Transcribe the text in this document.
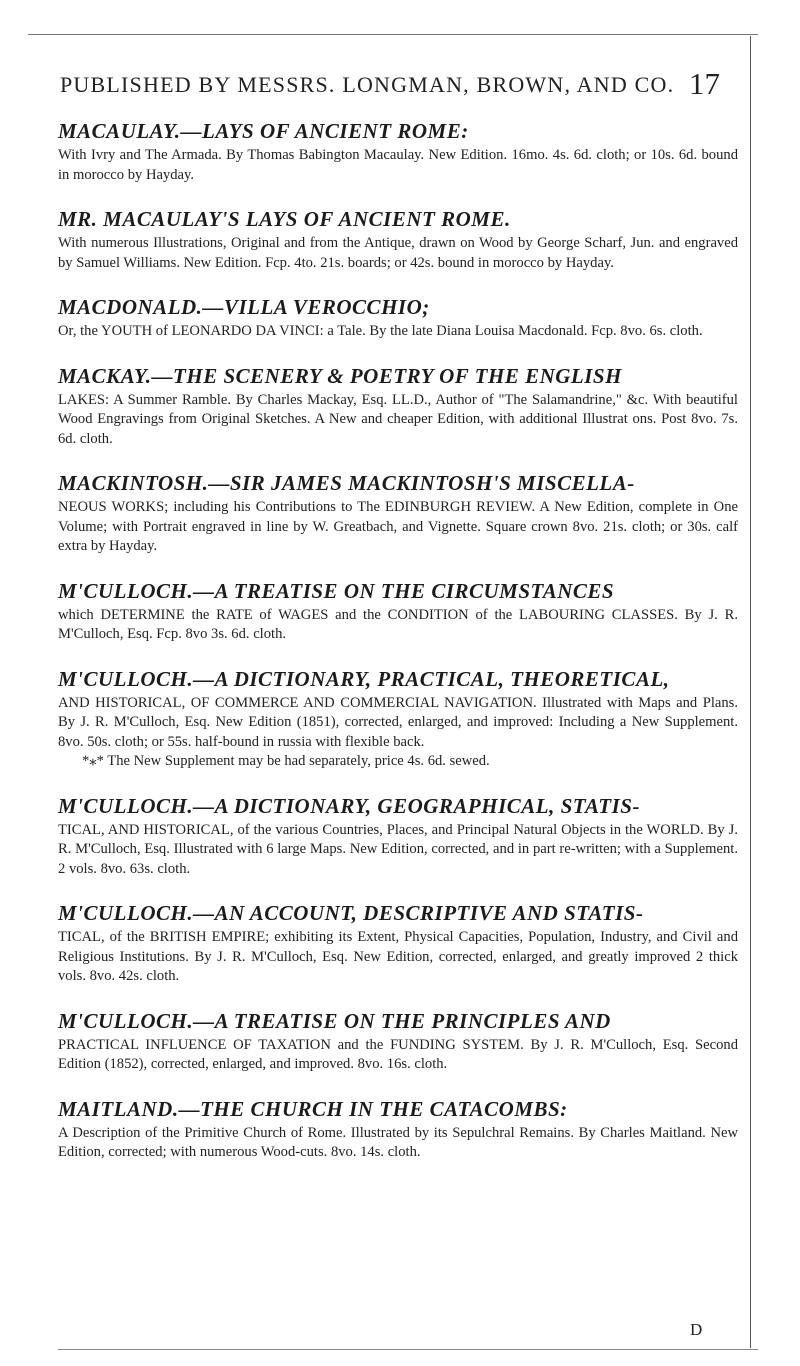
PUBLISHED BY MESSRS. LONGMAN, BROWN, AND CO. 17
MACAULAY.—LAYS OF ANCIENT ROME:
With Ivry and The Armada. By Thomas Babington Macaulay. New Edition. 16mo. 4s. 6d. cloth; or 10s. 6d. bound in morocco by Hayday.
MR. MACAULAY'S LAYS OF ANCIENT ROME.
With numerous Illustrations, Original and from the Antique, drawn on Wood by George Scharf, Jun. and engraved by Samuel Williams. New Edition. Fcp. 4to. 21s. boards; or 42s. bound in morocco by Hayday.
MACDONALD.—VILLA VEROCCHIO;
Or, the YOUTH of LEONARDO DA VINCI: a Tale. By the late Diana Louisa Macdonald. Fcp. 8vo. 6s. cloth.
MACKAY.—THE SCENERY & POETRY OF THE ENGLISH
LAKES: A Summer Ramble. By Charles Mackay, Esq. LL.D., Author of "The Salamandrine," &c. With beautiful Wood Engravings from Original Sketches. A New and cheaper Edition, with additional Illustrat ons. Post 8vo. 7s. 6d. cloth.
MACKINTOSH.—SIR JAMES MACKINTOSH'S MISCELLA-
NEOUS WORKS; including his Contributions to The EDINBURGH REVIEW. A New Edition, complete in One Volume; with Portrait engraved in line by W. Greatbach, and Vignette. Square crown 8vo. 21s. cloth; or 30s. calf extra by Hayday.
M'CULLOCH.—A TREATISE ON THE CIRCUMSTANCES
which DETERMINE the RATE of WAGES and the CONDITION of the LABOURING CLASSES. By J. R. M'Culloch, Esq. Fcp. 8vo 3s. 6d. cloth.
M'CULLOCH.—A DICTIONARY, PRACTICAL, THEORETICAL,
AND HISTORICAL, OF COMMERCE AND COMMERCIAL NAVIGATION. Illustrated with Maps and Plans. By J. R. M'Culloch, Esq. New Edition (1851), corrected, enlarged, and improved: Including a New Supplement. 8vo. 50s. cloth; or 55s. half-bound in russia with flexible back.
*⁎* The New Supplement may be had separately, price 4s. 6d. sewed.
M'CULLOCH.—A DICTIONARY, GEOGRAPHICAL, STATIS-
TICAL, AND HISTORICAL, of the various Countries, Places, and Principal Natural Objects in the WORLD. By J. R. M'Culloch, Esq. Illustrated with 6 large Maps. New Edition, corrected, and in part re-written; with a Supplement. 2 vols. 8vo. 63s. cloth.
M'CULLOCH.—AN ACCOUNT, DESCRIPTIVE AND STATIS-
TICAL, of the BRITISH EMPIRE; exhibiting its Extent, Physical Capacities, Population, Industry, and Civil and Religious Institutions. By J. R. M'Culloch, Esq. New Edition, corrected, enlarged, and greatly improved 2 thick vols. 8vo. 42s. cloth.
M'CULLOCH.—A TREATISE ON THE PRINCIPLES AND
PRACTICAL INFLUENCE OF TAXATION and the FUNDING SYSTEM. By J. R. M'Culloch, Esq. Second Edition (1852), corrected, enlarged, and improved. 8vo. 16s. cloth.
MAITLAND.—THE CHURCH IN THE CATACOMBS:
A Description of the Primitive Church of Rome. Illustrated by its Sepulchral Remains. By Charles Maitland. New Edition, corrected; with numerous Wood-cuts. 8vo. 14s. cloth.
D
